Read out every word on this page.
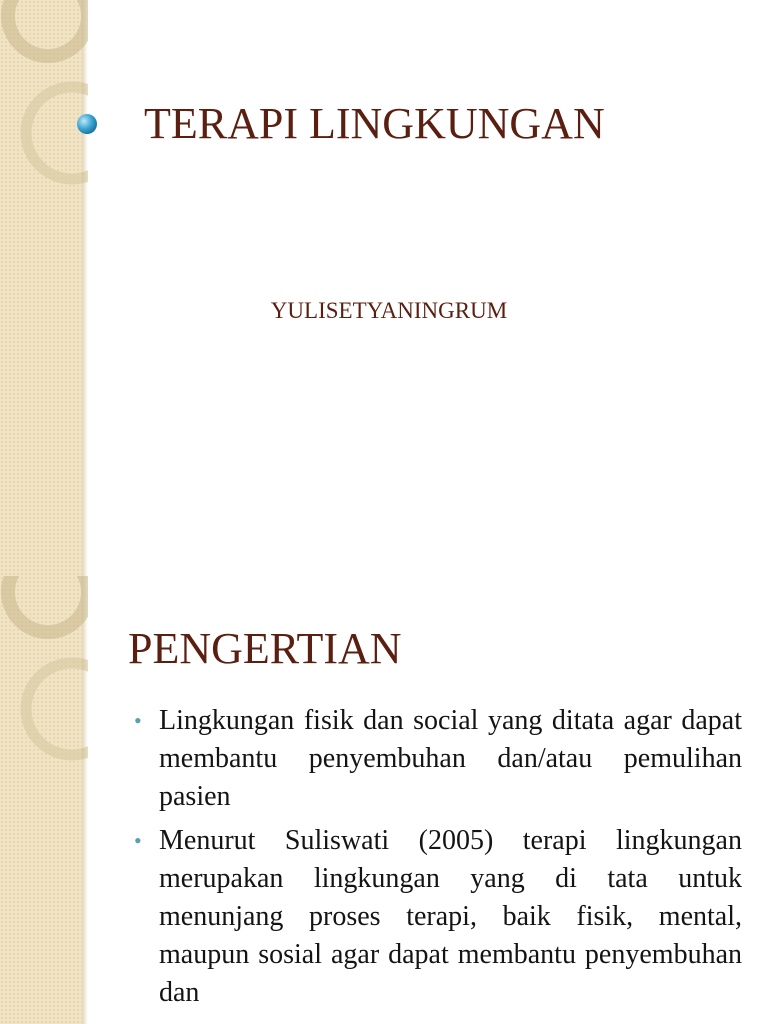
TERAPI LINGKUNGAN

YULISETYANINGRUM

PENGERTIAN
• Lingkungan fisik dan social yang ditata agar dapat membantu penyembuhan dan/atau pemulihan pasien
• Menurut Suliswati (2005) terapi lingkungan merupakan lingkungan yang di tata untuk menunjang proses terapi, baik fisik, mental, maupun sosial agar dapat membantu penyembuhan dan
